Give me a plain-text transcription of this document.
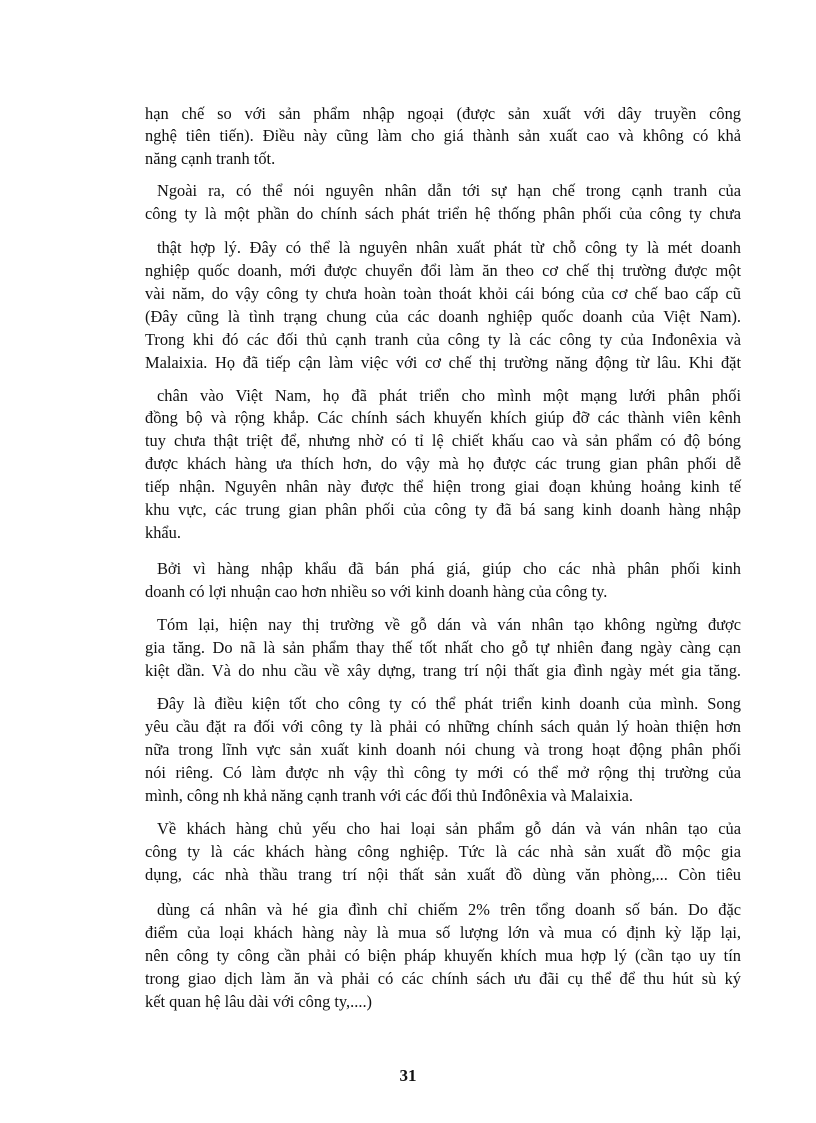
hạn chế so với sản phẩm nhập ngoại (được sản xuất với dây truyền công
nghệ tiên tiến). Điều này cũng làm cho giá thành sản xuất cao và không có khả
năng cạnh tranh tốt.
Ngoài ra, có thể nói nguyên nhân dẫn tới sự hạn chế trong cạnh tranh của
công ty là một phần do chính sách phát triển hệ thống phân phối của công ty chưa
thật hợp lý. Đây có thể là nguyên nhân xuất phát từ chỗ công ty là mét doanh
nghiệp quốc doanh, mới được chuyển đổi làm ăn theo cơ chế thị trường được một
vài năm, do vậy công ty chưa hoàn toàn thoát khỏi cái bóng của cơ chế bao cấp cũ
(Đây cũng là tình trạng chung của các doanh nghiệp quốc doanh của Việt Nam).
Trong khi đó các đối thủ cạnh tranh của công ty là các công ty của Inđonêxia và
Malaixia. Họ đã tiếp cận làm việc với cơ chế thị trường năng động từ lâu. Khi đặt
chân vào Việt Nam, họ đã phát triển cho mình một mạng lưới phân phối
đồng bộ và rộng khắp. Các chính sách khuyến khích giúp đỡ các thành viên kênh
tuy chưa thật triệt để, nhưng nhờ có tỉ lệ chiết khấu cao và sản phẩm có độ bóng
được khách hàng ưa thích hơn, do vậy mà họ được các trung gian phân phối dễ
tiếp nhận. Nguyên nhân này được thể hiện trong giai đoạn khủng hoảng kinh tế
khu vực, các trung gian phân phối của công ty đã bá sang kinh doanh hàng nhập
khẩu.
Bởi vì hàng nhập khẩu đã bán phá giá, giúp cho các nhà phân phối kinh
doanh có lợi nhuận cao hơn nhiều so với kinh doanh hàng của công ty.
Tóm lại, hiện nay thị trường về gỗ dán và ván nhân tạo không ngừng được
gia tăng. Do nã là sản phẩm thay thế tốt nhất cho gỗ tự nhiên đang ngày càng cạn
kiệt dần. Và do nhu cầu về xây dựng, trang trí nội thất gia đình ngày mét gia tăng.
Đây là điều kiện tốt cho công ty có thể phát triển kinh doanh của mình. Song
yêu cầu đặt ra đối với công ty là phải có những chính sách quản lý hoàn thiện hơn
nữa trong lĩnh vực sản xuất kinh doanh nói chung và trong hoạt động phân phối
nói riêng. Có làm được nh vậy thì công ty mới có thể mở rộng thị trường của
mình, công nh khả năng cạnh tranh với các đối thủ Inđônêxia và Malaixia.
Về khách hàng chủ yếu cho hai loại sản phẩm gỗ dán và ván nhân tạo của
công ty là các khách hàng công nghiệp. Tức là các nhà sản xuất đồ mộc gia
dụng, các nhà thầu trang trí nội thất sản xuất đồ dùng văn phòng,... Còn tiêu
dùng cá nhân và hé gia đình chỉ chiếm 2% trên tổng doanh số bán. Do đặc
điểm của loại khách hàng này là mua số lượng lớn và mua có định kỳ lặp lại,
nên công ty công cần phải có biện pháp khuyến khích mua hợp lý (cần tạo uy tín
trong giao dịch làm ăn và phải có các chính sách ưu đãi cụ thể để thu hút sù ký
kết quan hệ lâu dài với công ty,....)
31
